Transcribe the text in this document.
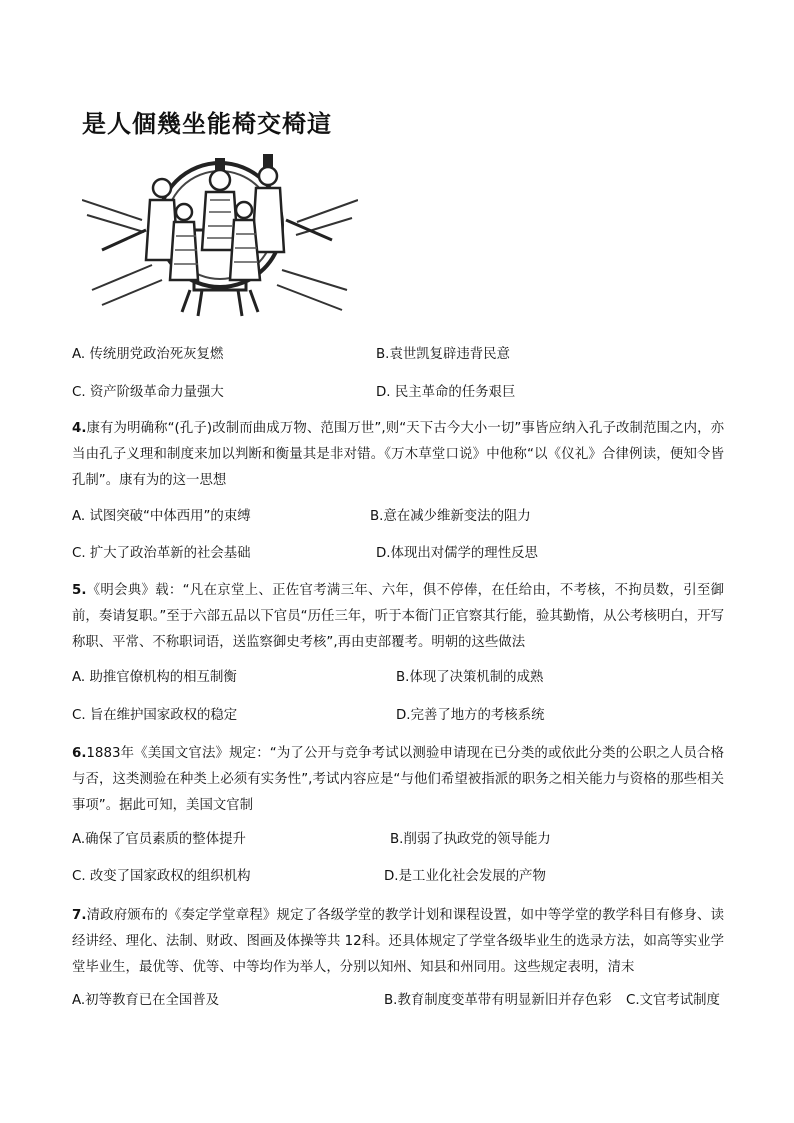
是人個幾坐能椅交椅這
A. 传统朋党政治死灰复燃	B.袁世凯复辟违背民意
C. 资产阶级革命力量强大	D. 民主革命的任务艰巨
4.康有为明确称“(孔子)改制而曲成万物、范围万世”,则“天下古今大小一切”事皆应纳入孔子改制范围之内，亦当由孔子义理和制度来加以判断和衡量其是非对错。《万木草堂口说》中他称“以《仪礼》合律例读，便知令皆孔制”。康有为的这一思想
A. 试图突破“中体西用”的束缚	B.意在减少维新变法的阻力
C. 扩大了政治革新的社会基础	D.体现出对儒学的理性反思
5.《明会典》载：“凡在京堂上、正佐官考满三年、六年，俱不停俸，在任给由，不考核，不拘员数，引至御前，奏请复职。”至于六部五品以下官员“历任三年，听于本衙门正官察其行能，验其勤惰，从公考核明白，开写称职、平常、不称职词语，送监察御史考核”,再由吏部覆考。明朝的这些做法
A. 助推官僚机构的相互制衡	B.体现了决策机制的成熟
C. 旨在维护国家政权的稳定	D.完善了地方的考核系统
6.1883年《美国文官法》规定：“为了公开与竞争考试以测验申请现在已分类的或依此分类的公职之人员合格与否，这类测验在种类上必须有实务性”,考试内容应是“与他们希望被指派的职务之相关能力与资格的那些相关事项”。据此可知，美国文官制
A.确保了官员素质的整体提升	B.削弱了执政党的领导能力
C. 改变了国家政权的组织机构	D.是工业化社会发展的产物
7.清政府颁布的《奏定学堂章程》规定了各级学堂的教学计划和课程设置，如中等学堂的教学科目有修身、读经讲经、理化、法制、财政、图画及体操等共 12科。还具体规定了学堂各级毕业生的选录方法，如高等实业学堂毕业生，最优等、优等、中等均作为举人，分别以知州、知县和州同用。这些规定表明，清末
A.初等教育已在全国普及	B.教育制度变革带有明显新旧并存色彩 C.文官考试制度
